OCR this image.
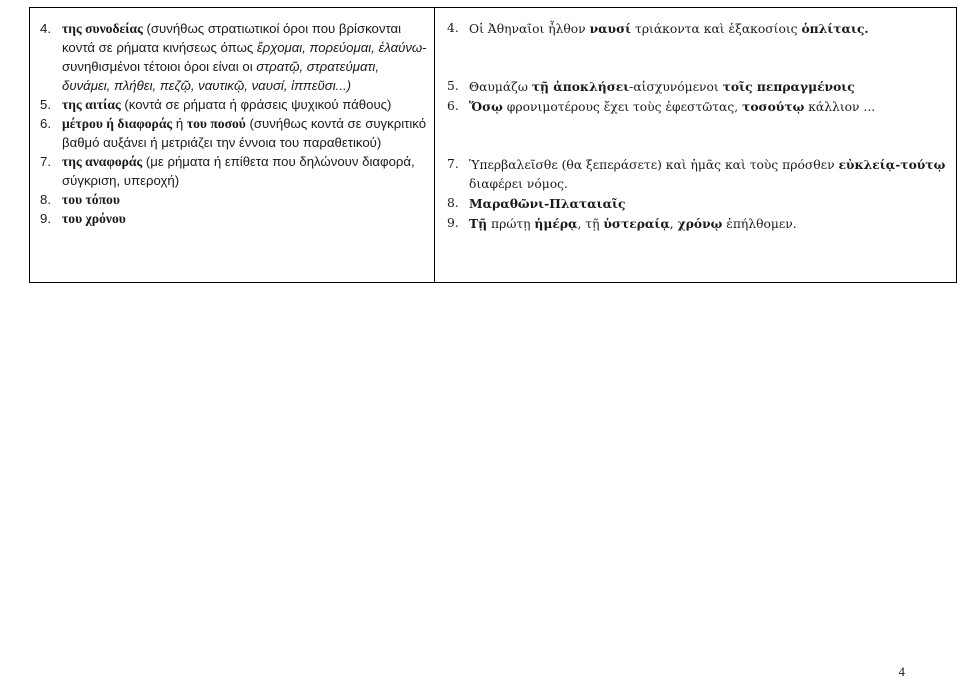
4. της συνοδείας (συνήθως στρατιωτικοί όροι που βρίσκονται κοντά σε ρήματα κινήσεως όπως ἔρχομαι, πορεύομαι, ἐλαύνω-συνηθισμένοι τέτοιοι όροι είναι οι στρατῷ, στρατεύματι, δυνάμει, πλήθει, πεζῷ, ναυτικῷ, ναυσί, ἱππεῦσι...)
5. της αιτίας (κοντά σε ρήματα ή φράσεις ψυχικού πάθους)
6. μέτρου ή διαφοράς ή του ποσού (συνήθως κοντά σε συγκριτικό βαθμό αυξάνει ή μετριάζει την έννοια του παραθετικού)
7. της αναφοράς (με ρήματα ή επίθετα που δηλώνουν διαφορά, σύγκριση, υπεροχή)
8. του τόπου
9. του χρόνου
4. Οἱ Ἀθηναῖοι ἦλθον ναυσί τριάκοντα καὶ ἑξακοσίοις ὁπλίταις.
5. Θαυμάζω τῇ ἀποκλήσει-αἰσχυνόμενοι τοῖς πεπραγμένοις
6. Ὅσῳ φρονιμοτέρους ἔχει τοὺς ἐφεστῶτας, τοσούτῳ κάλλιον ...
7. Ὑπερβαλεῖσθε (θα ξεπεράσετε) καὶ ἡμᾶς καὶ τοὺς πρόσθεν εὐκλείᾳ-τούτῳ διαφέρει νόμος.
8. Μαραθῶνι-Πλαταιαῖς
9. Τῇ πρώτῃ ἡμέρᾳ, τῇ ὑστεραίᾳ, χρόνῳ ἐπήλθομεν.
4
